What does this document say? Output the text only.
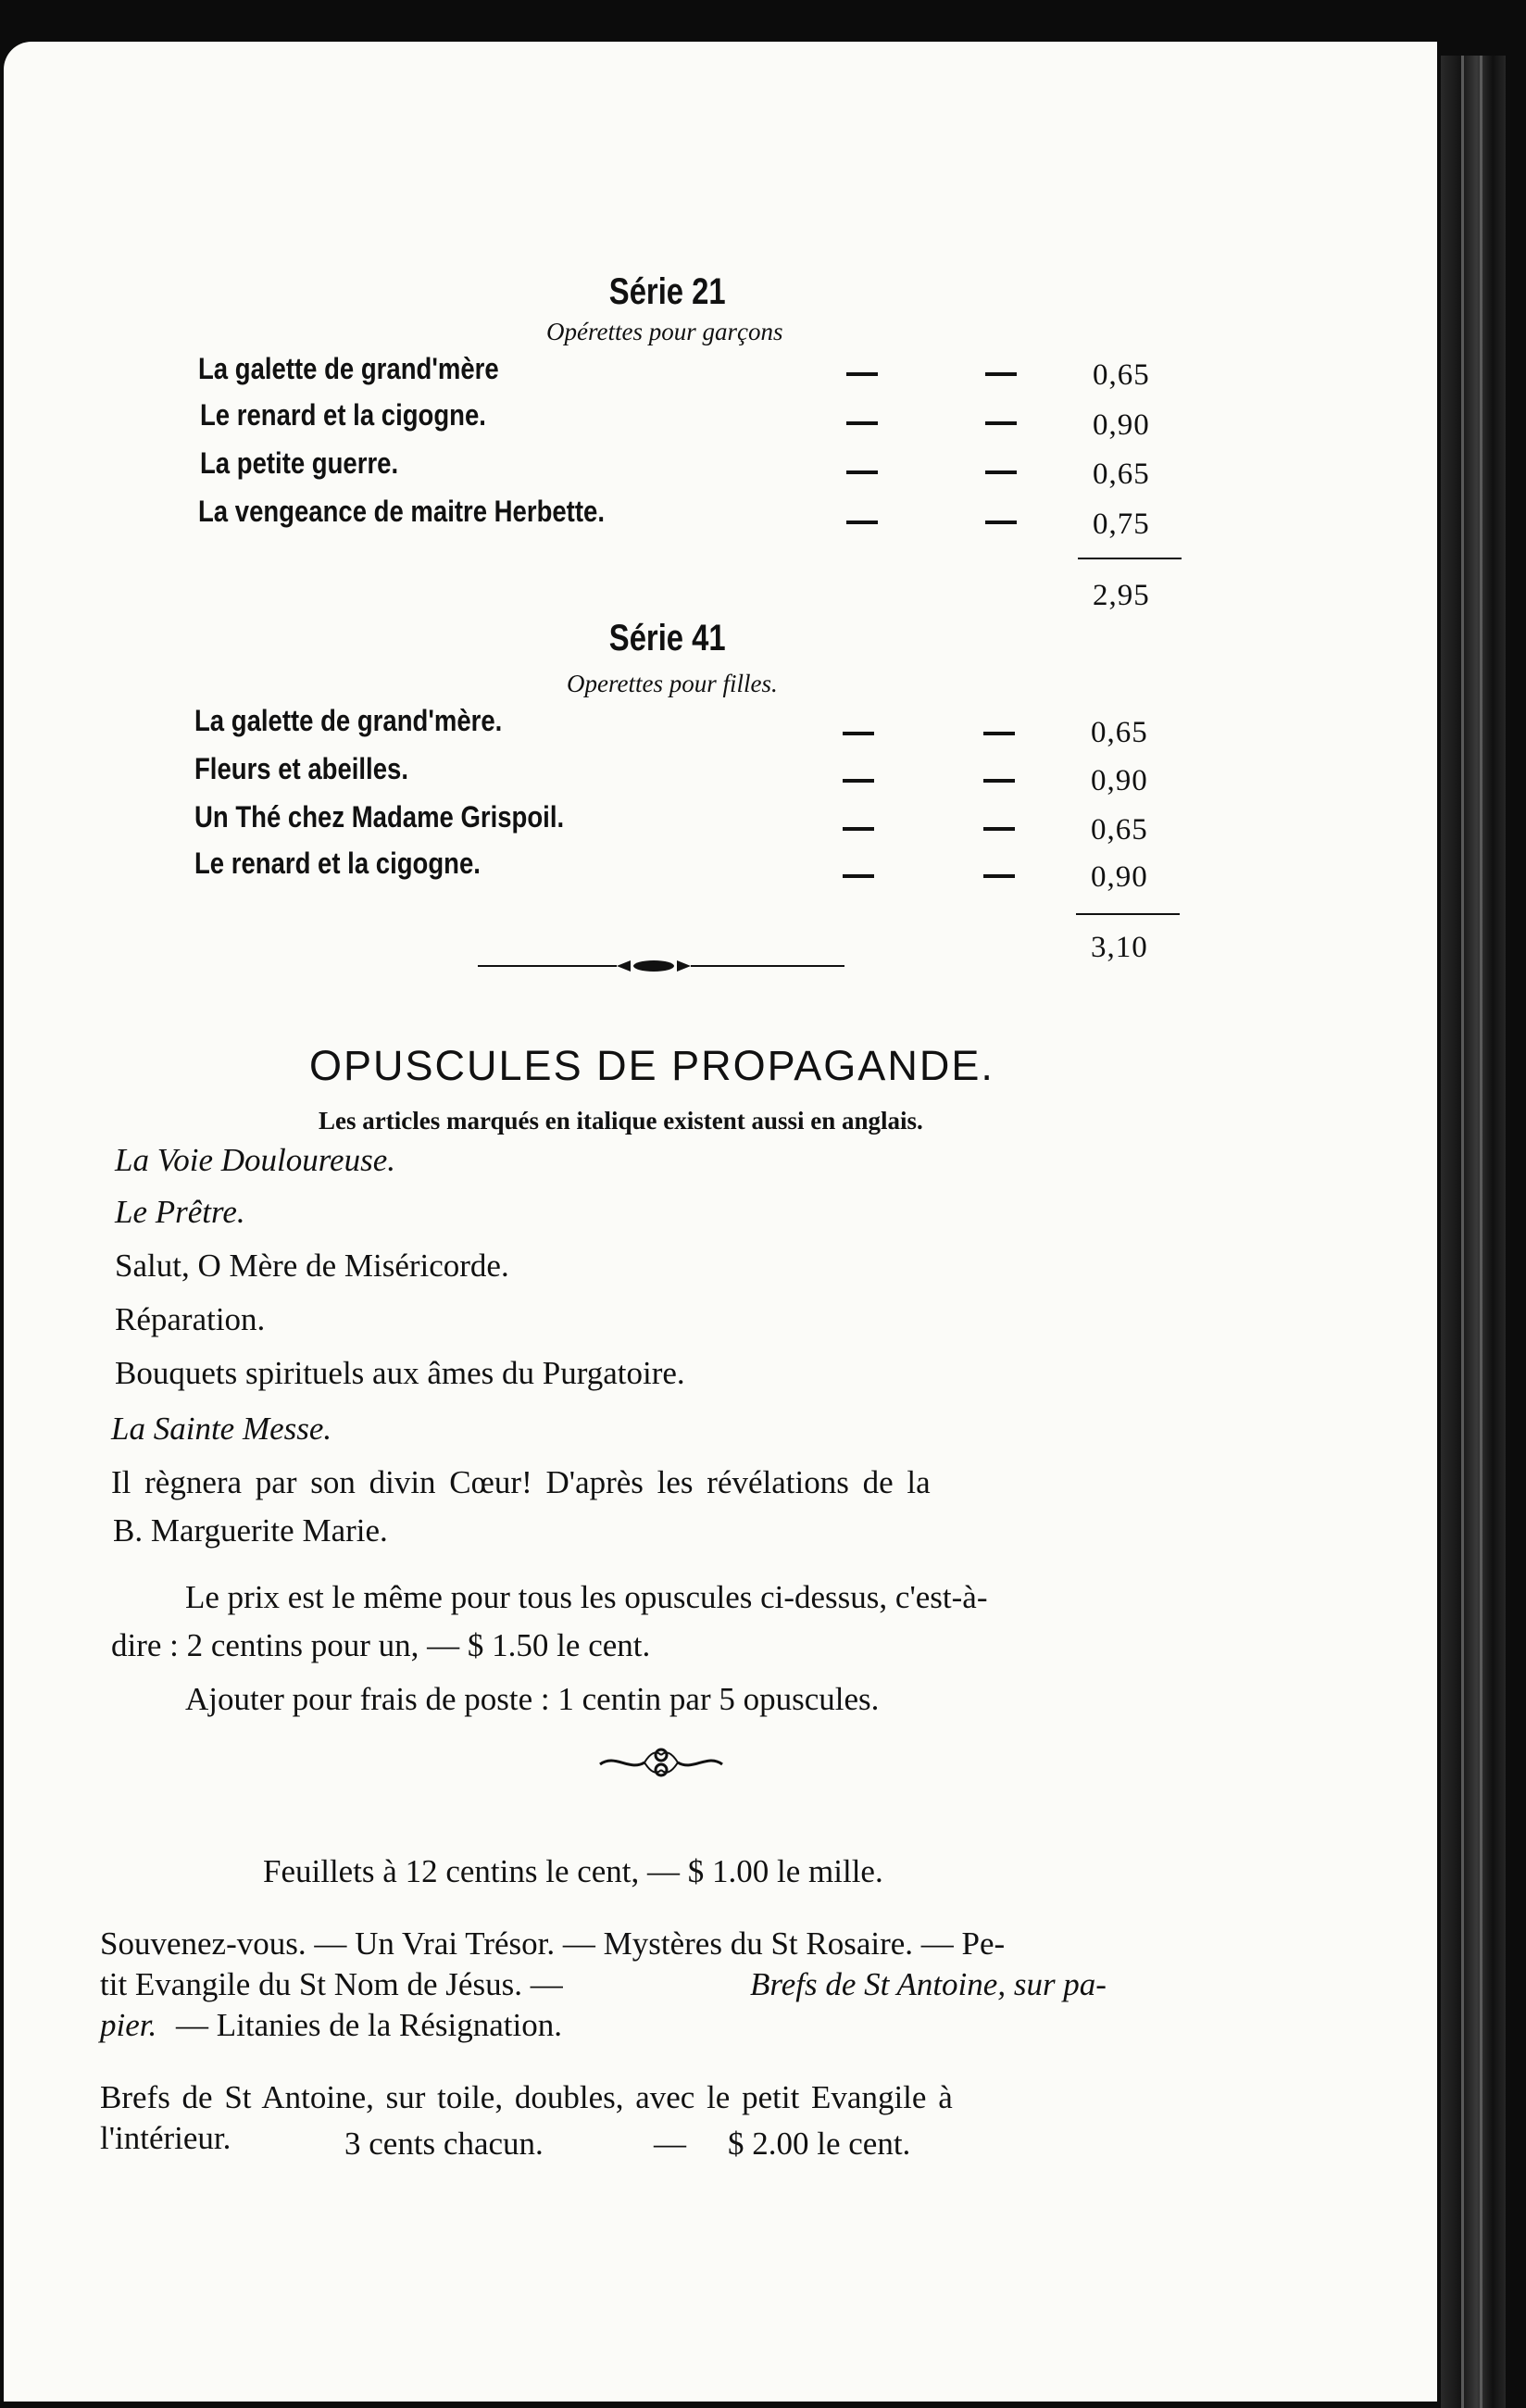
Série 21
Opérettes pour garçons
La galette de grand'mère	0,65
Le renard et la cigogne.	0,90
La petite guerre.	0,65
La vengeance de maitre Herbette.	0,75
2,95
Série 41
Operettes pour filles.
La galette de grand'mère.	0,65
Fleurs et abeilles.	0,90
Un Thé chez Madame Grispoil.	0,65
Le renard et la cigogne.	0,90
3,10
OPUSCULES DE PROPAGANDE.
Les articles marqués en italique existent aussi en anglais.
La Voie Douloureuse.
Le Prêtre.
Salut, O Mère de Miséricorde.
Réparation.
Bouquets spirituels aux âmes du Purgatoire.
La Sainte Messe.
Il règnera par son divin Cœur! D'après les révélations de la
B. Marguerite Marie.
Le prix est le même pour tous les opuscules ci-dessus, c'est-à-
dire : 2 centins pour un, — $ 1.50 le cent.
Ajouter pour frais de poste : 1 centin par 5 opuscules.
Feuillets à 12 centins le cent, — $ 1.00 le mille.
Souvenez-vous. — Un Vrai Trésor. — Mystères du St Rosaire. — Pe-
tit Evangile du St Nom de Jésus. —	Brefs de St Antoine, sur pa-
pier. — Litanies de la Résignation.
Brefs de St Antoine, sur toile, doubles, avec le petit Evangile à
l'intérieur.	3 cents chacun.	— $ 2.00 le cent.
